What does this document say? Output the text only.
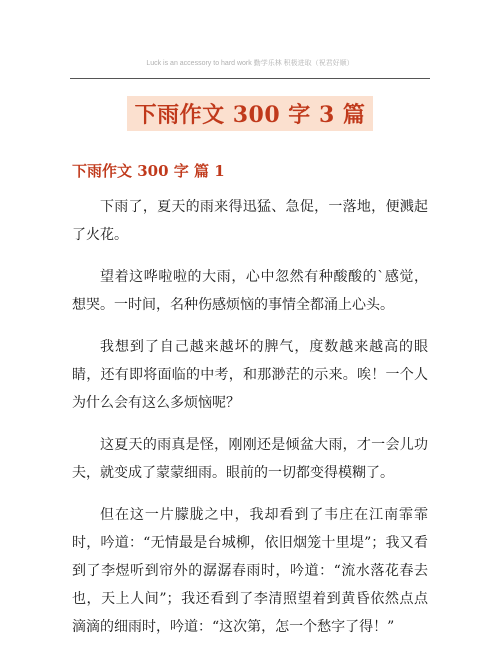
Luck is an accessory to hard work 勤学乐林 积极进取（祝君好顺）
下雨作文 300 字 3 篇
下雨作文 300 字 篇 1

下雨了，夏天的雨来得迅猛、急促，一落地，便溅起了火花。

望着这哗啦啦的大雨，心中忽然有种酸酸的`感觉，想哭。一时间，名种伤感烦恼的事情全都涌上心头。

我想到了自己越来越坏的脾气，度数越来越高的眼睛，还有即将面临的中考，和那渺茫的示来。唉！一个人为什么会有这么多烦恼呢？

这夏天的雨真是怪，刚刚还是倾盆大雨，才一会儿功夫，就变成了蒙蒙细雨。眼前的一切都变得模糊了。

但在这一片朦胧之中，我却看到了韦庄在江南霏霏时，吟道：“无情最是台城柳，依旧烟笼十里堤”；我又看到了李煜听到帘外的潺潺春雨时，吟道：“流水落花春去也，天上人间”；我还看到了李清照望着到黄昏依然点点滴滴的细雨时，吟道：“这次第，怎一个愁字了得！”
